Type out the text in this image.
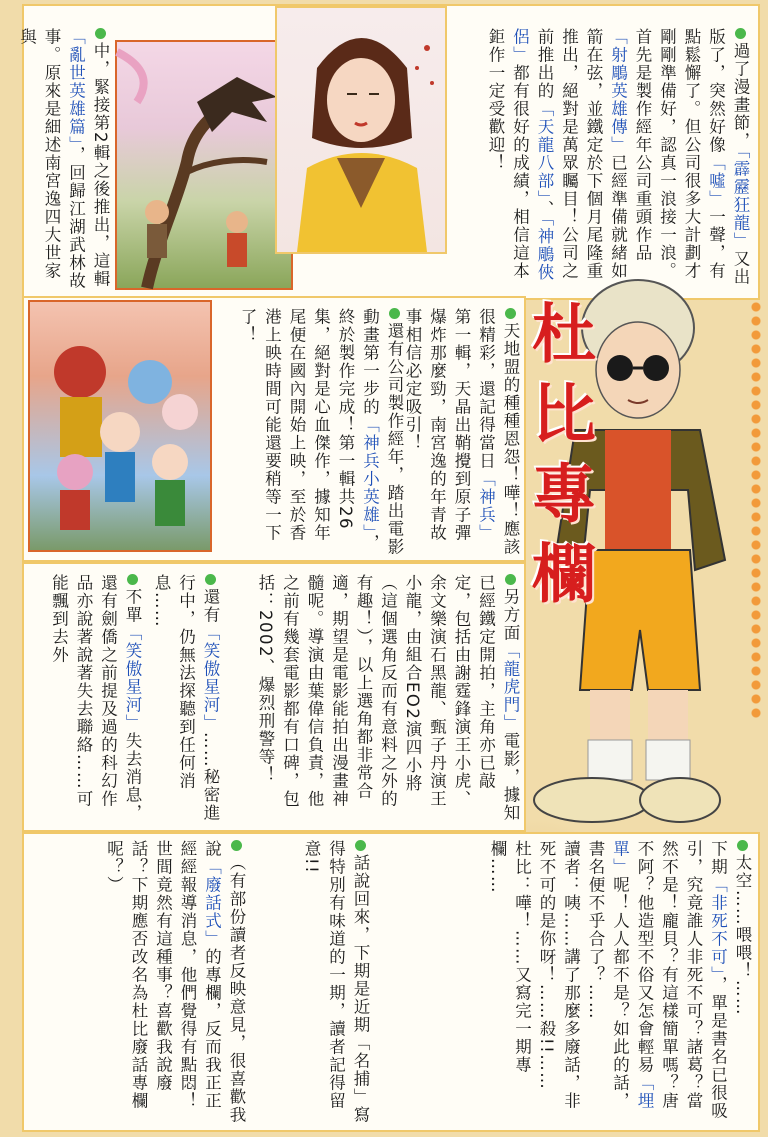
杜比專欄
過了漫畫節，「霹靂狂龍」又出版了，突然好像「噓」一聲，有點鬆懈了。但公司很多大計劃才剛剛準備好，認真一浪接一浪。
首先是製作經年公司重頭作品「射鵰英雄傳」已經準備就緒如箭在弦，並鐵定於下個月尾隆重推出，絕對是萬眾矚目！公司之前推出的「天龍八部」、「神鵰俠侶」都有很好的成績，相信這本鉅作一定受歡迎！
中，緊接第2輯之後推出，這輯「亂世英雄篇」，回歸江湖武林故事。原來是細述南宮逸四大世家與
天地盟的種種恩怨！嘩！應該很精彩，還記得當日「神兵」第一輯，天晶出鞘攪到原子彈爆炸那麼勁，南宮逸的年青故事相信必定吸引！
還有公司製作經年，踏出電影動畫第一步的「神兵小英雄」，終於製作完成！第一輯共26集，絕對是心血傑作，據知年尾便在國內開始上映，至於香港上映時間可能還要稍等一下了！
另方面「龍虎門」電影，據知已經鐵定開拍，主角亦已敲定，包括由謝霆鋒演王小虎、余文樂演石黑龍、甄子丹演王小龍，由組合EO2演四小將（這個選角反而有意料之外的有趣！），以上選角都非常合適，期望是電影能拍出漫畫神髓呢。導演由葉偉信負責，他之前有幾套電影都有口碑，包括：2002、爆烈刑警等！
還有「笑傲星河」……秘密進行中，仍無法探聽到任何消息……
不單「笑傲星河」失去消息，還有劍僑之前提及過的科幻作品亦說著說著失去聯絡……可能飄到去外
太空……喂喂！……
下期「非死不可」，單是書名已很吸引，究竟誰人非死不可？諸葛？當然不是！龐貝？有這樣簡單嗎？唐不阿？他造型不俗又怎會輕易「埋單」呢！人人都不是？如此的話，書名便不乎合了？……
讀者：咦……講了那麼多廢話，非死不可的是你呀！……殺!!……
杜比：嘩！……又寫完一期專欄……
話說回來，下期是近期「名捕」寫得特別有味道的一期，讀者記得留意!!
（有部份讀者反映意見，很喜歡我說「廢話式」的專欄，反而我正正經經報導消息，他們覺得有點悶！世間竟然有這種事？喜歡我說廢話？下期應否改名為杜比廢話專欄呢？）
